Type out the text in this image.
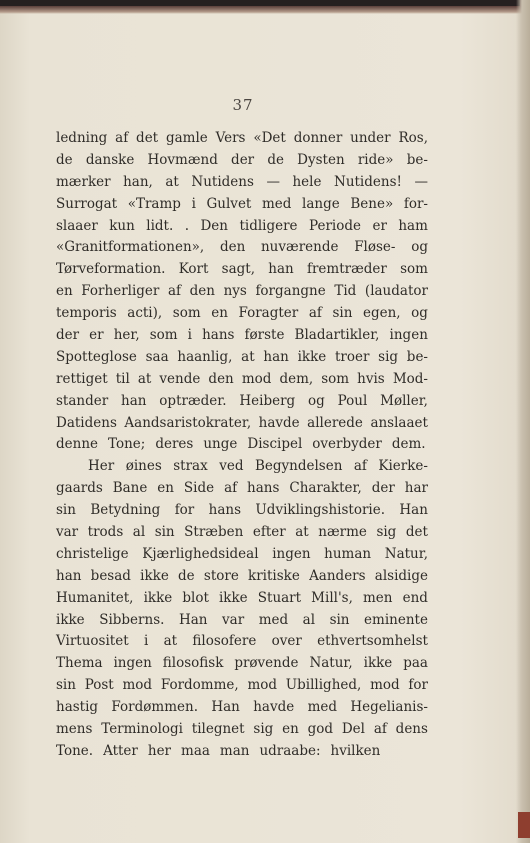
37
ledning af det gamle Vers «Det donner under Ros,
de danske Hovmænd der de Dysten ride» be-
mærker han, at Nutidens — hele Nutidens! —
Surrogat «Tramp i Gulvet med lange Bene» for-
slaaer kun lidt. . Den tidligere Periode er ham
«Granitformationen», den nuværende Fløse- og
Tørveformation. Kort sagt, han fremtræder som
en Forherliger af den nys forgangne Tid (laudator
temporis acti), som en Foragter af sin egen, og
der er her, som i hans første Bladartikler, ingen
Spotteglose saa haanlig, at han ikke troer sig be-
rettiget til at vende den mod dem, som hvis Mod-
stander han optræder. Heiberg og Poul Møller,
Datidens Aandsaristokrater, havde allerede anslaaet
denne Tone; deres unge Discipel overbyder dem.
Her øines strax ved Begyndelsen af Kierke-
gaards Bane en Side af hans Charakter, der har
sin Betydning for hans Udviklingshistorie. Han
var trods al sin Stræben efter at nærme sig det
christelige Kjærlighedsideal ingen human Natur,
han besad ikke de store kritiske Aanders alsidige
Humanitet, ikke blot ikke Stuart Mill's, men end
ikke Sibberns. Han var med al sin eminente
Virtuositet i at filosofere over ethvertsomhelst
Thema ingen filosofisk prøvende Natur, ikke paa
sin Post mod Fordomme, mod Ubillighed, mod for
hastig Fordømmen. Han havde med Hegelianis-
mens Terminologi tilegnet sig en god Del af dens
Tone. Atter her maa man udraabe: hvilken
